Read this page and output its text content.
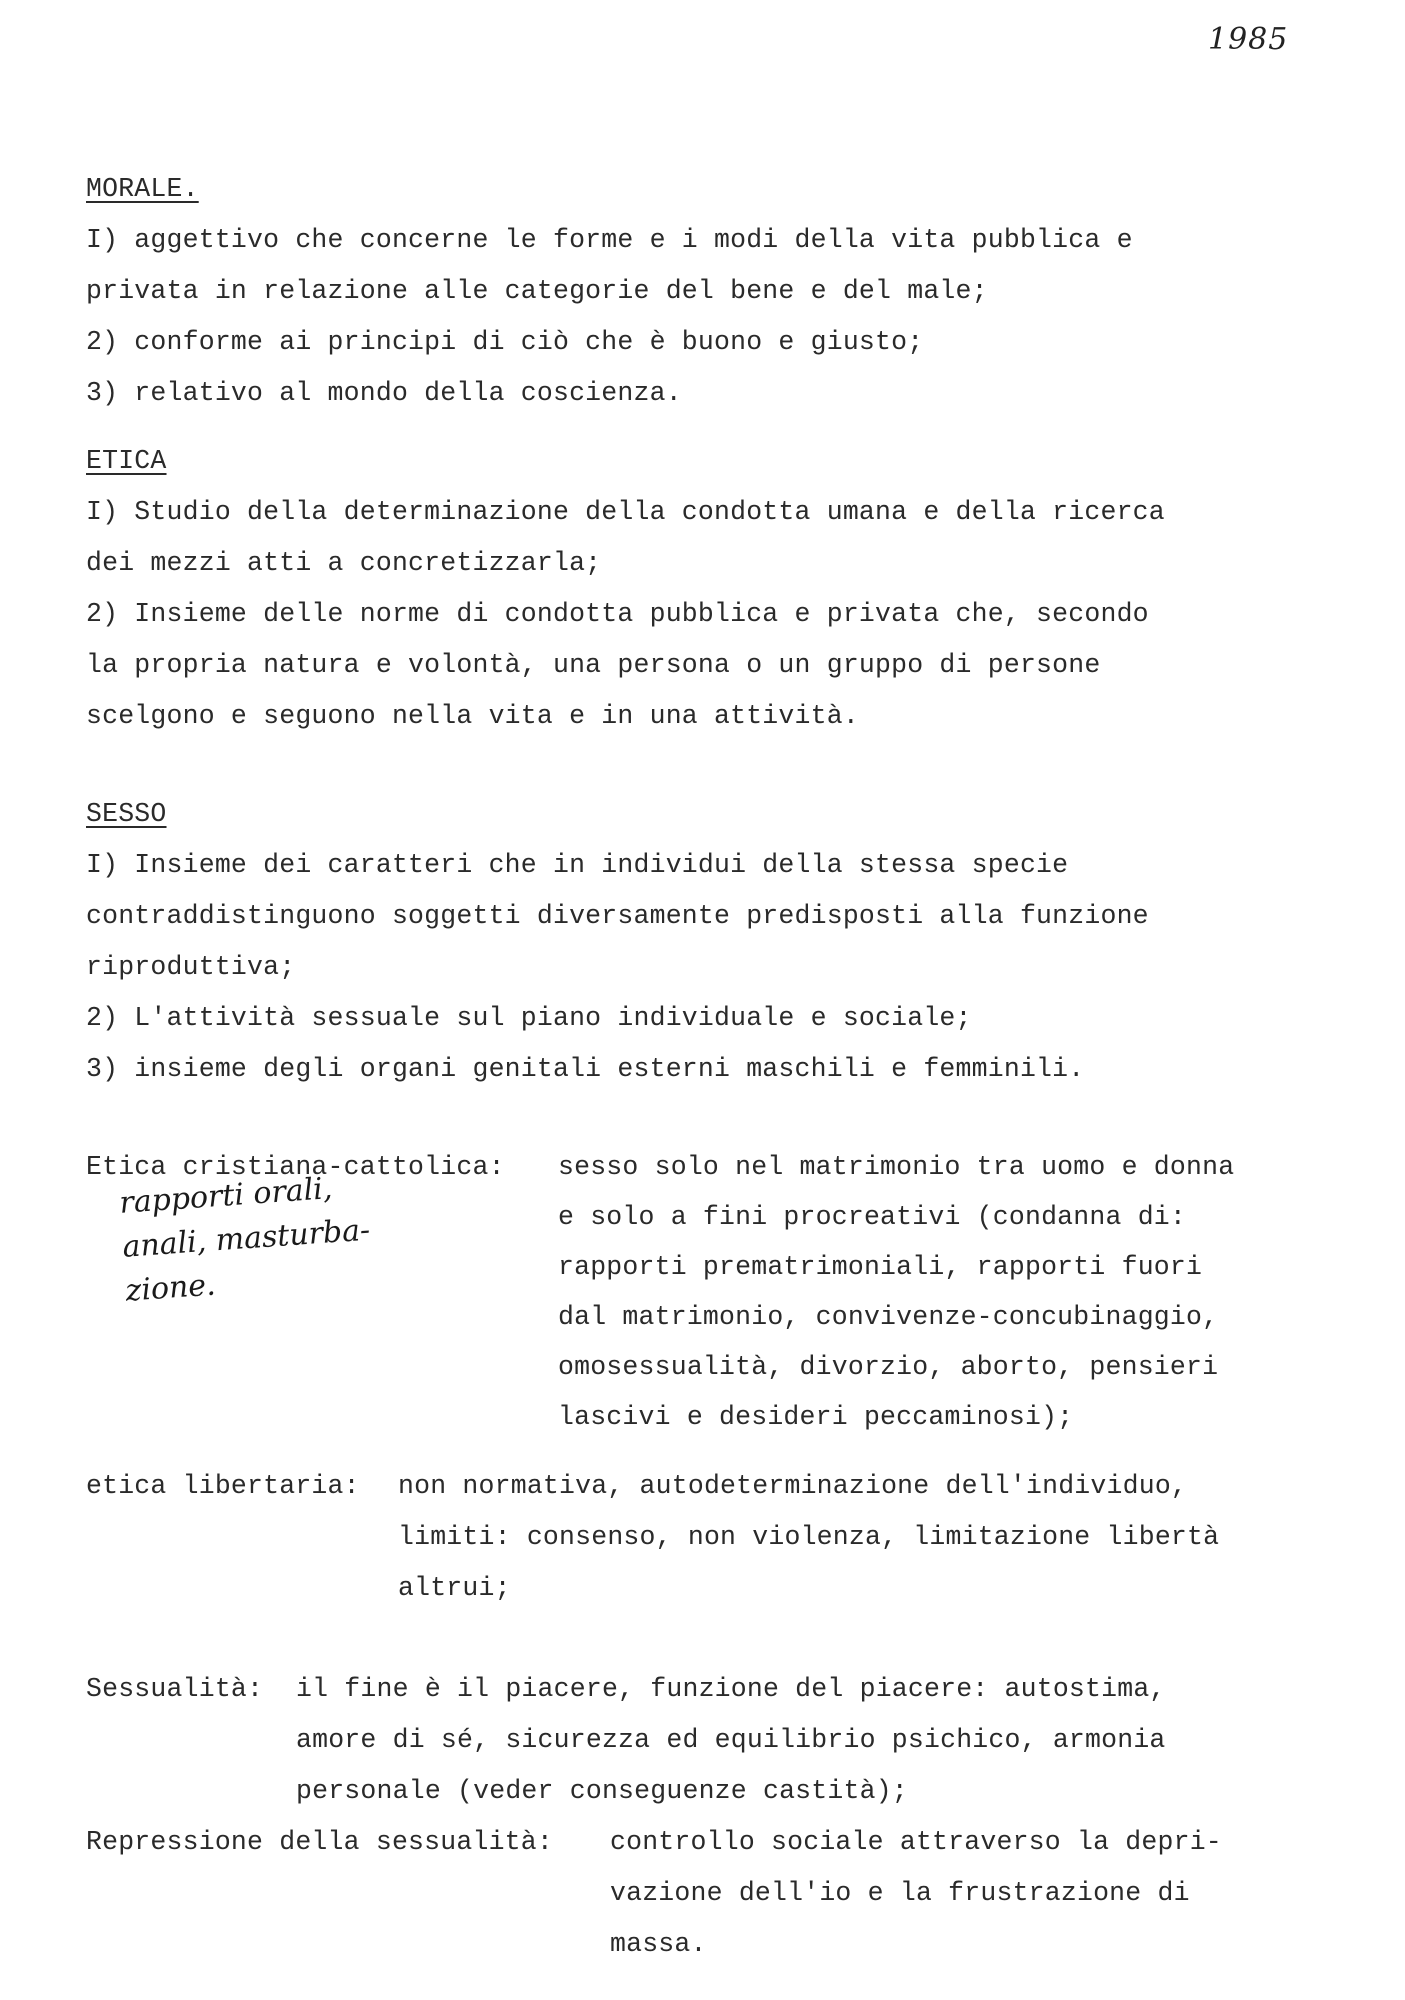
1985
MORALE.
I) aggettivo che concerne le forme e i modi della vita pubblica e
privata in relazione alle categorie del bene e del male;
2) conforme ai principi di ciò che è buono e giusto;
3) relativo al mondo della coscienza.
ETICA
I) Studio della determinazione della condotta umana e della ricerca
dei mezzi atti a concretizzarla;
2) Insieme delle norme di condotta pubblica e privata che, secondo
la propria natura e volontà, una persona o un gruppo di persone
scelgono e seguono nella vita e in una attività.
SESSO
I) Insieme dei caratteri che in individui della stessa specie
contraddistinguono soggetti diversamente predisposti alla funzione
riproduttiva;
2) L'attività sessuale sul piano individuale e sociale;
3) insieme degli organi genitali esterni maschili e femminili.
Etica cristiana-cattolica: sesso solo nel matrimonio tra uomo e donna
e solo a fini procreativi (condanna di:
rapporti prematrimoniali, rapporti fuori
dal matrimonio, convivenze-concubinaggio,
omosessualità, divorzio, aborto, pensieri
lascivi e desideri peccaminosi);
rapporti orali,
anali, masturba-
zione.
etica libertaria: non normativa, autodeterminazione dell'individuo,
limiti: consenso, non violenza, limitazione libertà
altrui;
Sessualità: il fine è il piacere, funzione del piacere: autostima,
amore di sé, sicurezza ed equilibrio psichico, armonia
personale (veder conseguenze castità);
Repressione della sessualità: controllo sociale attraverso la depri-
vazione dell'io e la frustrazione di
massa.
